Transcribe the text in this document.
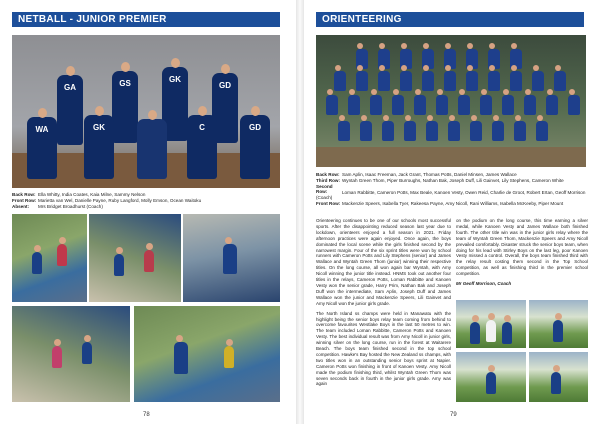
NETBALL - JUNIOR PREMIER
GA	GS	GK
GD
WA	GK	C	GD
Back Row: Ella Whitty, India Coates, Kaia Milne, Sammy Nelson
Front Row: Marietta van Wel, Danielle Payne, Ruby Langford, Molly Emson, Ocean Waitoku
Absent: Mrs Bridget Broadhurst (Coach)
78
ORIENTEERING
Back Row: Sam Aplin, Isaac Freeman, Jack Grant, Thomas Potts, Daniel Minsen, James Wallace
Third Row: Wyntah Green Thom, Piper Burroughs, Nathan Bak, Joseph Duff, Lili Gainvet, Lily Stephens, Cameron White
Second Row:	Loman Rabbitte, Cameron Potts, Max Beale, Kanoen Vesty, Owen Reid, Charlie de Groot, Robert Ertan, Geoff Morrison (Coach)
Front Row: Mackenzie Speers, Isabella Tyer, Rakeesa Payne, Amy Nicoll, Rani Williams, Isabella McKeeby, Piper Mount

Orienteering continues to be one of our schools most successful sports. After the disappointing reduced season last year due to lockdown, orienteers enjoyed a full season in 2021. Friday afternoon practices were again enjoyed. Once again, the boys dominated the local scene while the girls finished second by the narrowest margin. Four of the six sprint titles were won by school runners with Cameron Potts and Lily Stephens (senior) and James Wallace and Wyntah Green Thom (junior) winning their respective titles. On the long course, all won again bar Wyntah, with Amy Nicoll winning the junior title instead. HNMS took out another four titles in the relays, Cameron Potts, Loman Rabbitte and Kanoen Vesty won the senior grade, Harry Prim, Nathan Bak and Joseph Duff won the intermediate, Sam Aplin, Joseph Duff and James Wallace won the junior and Mackenzie Speers, Lili Gainvet and Amy Nicoll won the junior girls grade.

The North Island ss champs were held in Manawatu with the highlight being the senior boys relay team coming from behind to overcome favourites Westlake Boys in the last 50 metres to win. The team included Loman Rabbitte, Cameron Potts and Kanoen Vesty. The best individual result was from Amy Nicoll in junior girls, winning silver on the long course, run in the forest at Waitarere Beach. The boys team finished second in the top school competition. Hawke's Bay hosted the New Zealand ss champs, with two titles won in an outstanding senior boys sprint at Napier. Cameron Potts won finishing in front of Kanoen Vesty. Amy Nicoll made the podium finishing third, whilst Wyntah Green Thom was seven seconds back in fourth in the junior girls grade. Amy was again

on the podium on the long course, this time earning a silver medal, while Kanoen Vesty and James Wallace both finished fourth. The other title win was in the junior girls relay where the team of Wyntah Green Thom, Mackenzie Speers and Amy Nicoll prevailed comfortably. Disaster struck the senior boys team, when doing for his lead with Stirley Boys on the last leg, poor Kanoen Vesty missed a control. Overall, the boys team finished third with the relay result costing them second in the Top School competition, as well as finishing third in the premier school competition.

Mr Geoff Morrison, Coach

79
